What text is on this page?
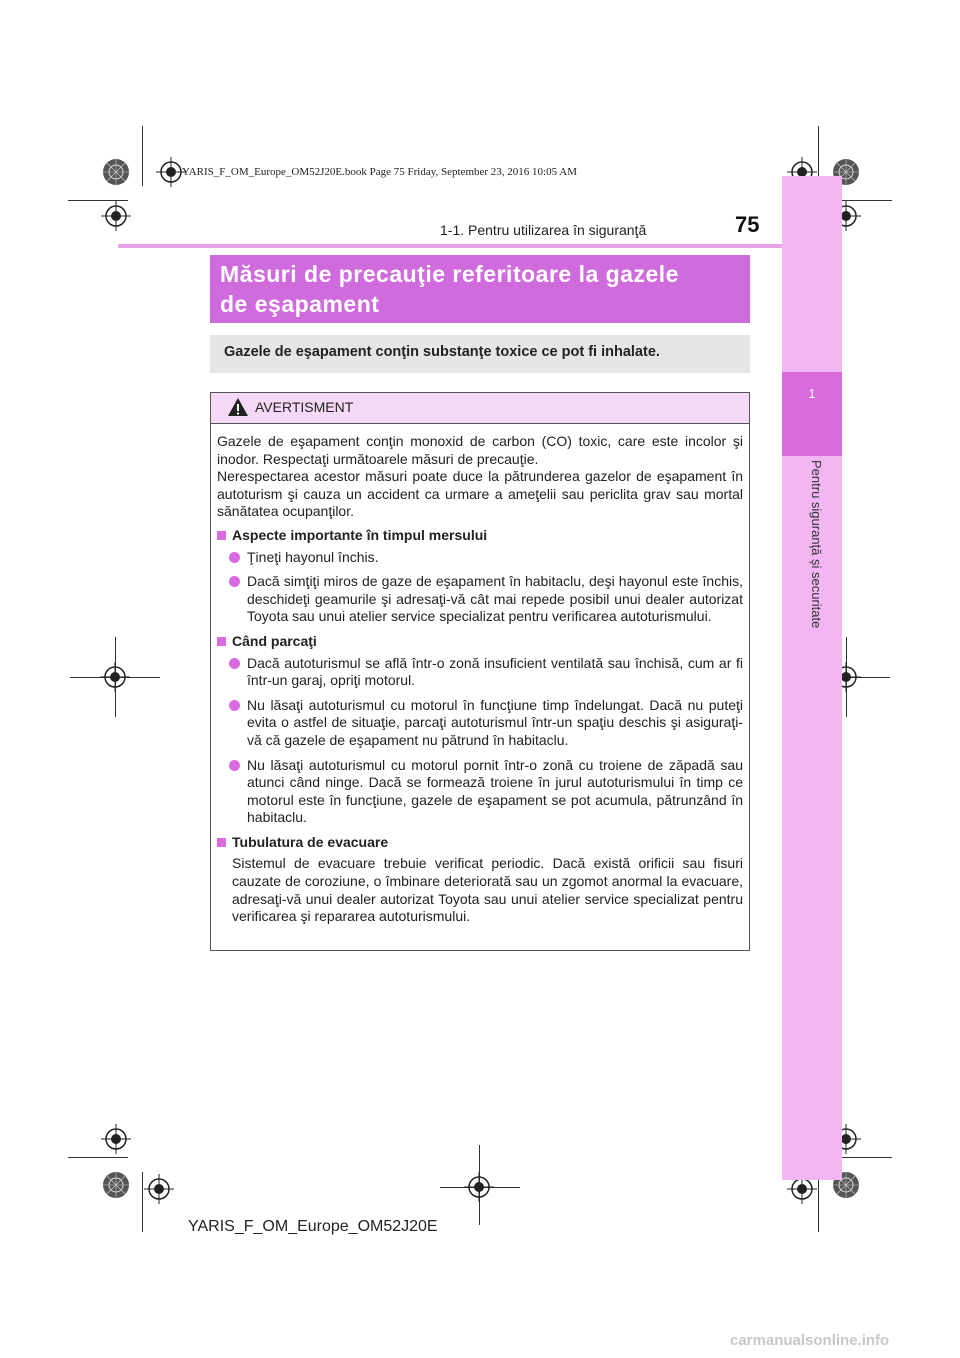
YARIS_F_OM_Europe_OM52J20E.book Page 75 Friday, September 23, 2016 10:05 AM
1
Pentru siguranţă şi securitate
1-1. Pentru utilizarea în siguranţă	75
Măsuri de precauţie referitoare la gazele
de eşapament
Gazele de eşapament conţin substanţe toxice ce pot fi inhalate.
AVERTISMENT

Gazele de eşapament conţin monoxid de carbon (CO) toxic, care este incolor şi inodor. Respectaţi următoarele măsuri de precauţie.

Nerespectarea acestor măsuri poate duce la pătrunderea gazelor de eşapament în autoturism şi cauza un accident ca urmare a ameţelii sau periclita grav sau mortal sănătatea ocupanţilor.

Aspecte importante în timpul mersului
Ţineţi hayonul închis.
Dacă simţiţi miros de gaze de eşapament în habitaclu, deşi hayonul este închis, deschideţi geamurile şi adresaţi-vă cât mai repede posibil unui dealer autorizat Toyota sau unui atelier service specializat pentru verificarea autoturismului.
Când parcaţi
Dacă autoturismul se află într-o zonă insuficient ventilată sau închisă, cum ar fi într-un garaj, opriţi motorul.
Nu lăsaţi autoturismul cu motorul în funcţiune timp îndelungat. Dacă nu puteţi evita o astfel de situaţie, parcaţi autoturismul într-un spaţiu deschis şi asiguraţi-vă că gazele de eşapament nu pătrund în habitaclu.
Nu lăsaţi autoturismul cu motorul pornit într-o zonă cu troiene de zăpadă sau atunci când ninge. Dacă se formează troiene în jurul autoturismului în timp ce motorul este în funcţiune, gazele de eşapament se pot acumula, pătrunzând în habitaclu.
Tubulatura de evacuare

Sistemul de evacuare trebuie verificat periodic. Dacă există orificii sau fisuri cauzate de coroziune, o îmbinare deteriorată sau un zgomot anormal la evacuare, adresaţi-vă unui dealer autorizat Toyota sau unui atelier service specializat pentru verificarea şi repararea autoturismului.

YARIS_F_OM_Europe_OM52J20E
carmanualsonline.info
